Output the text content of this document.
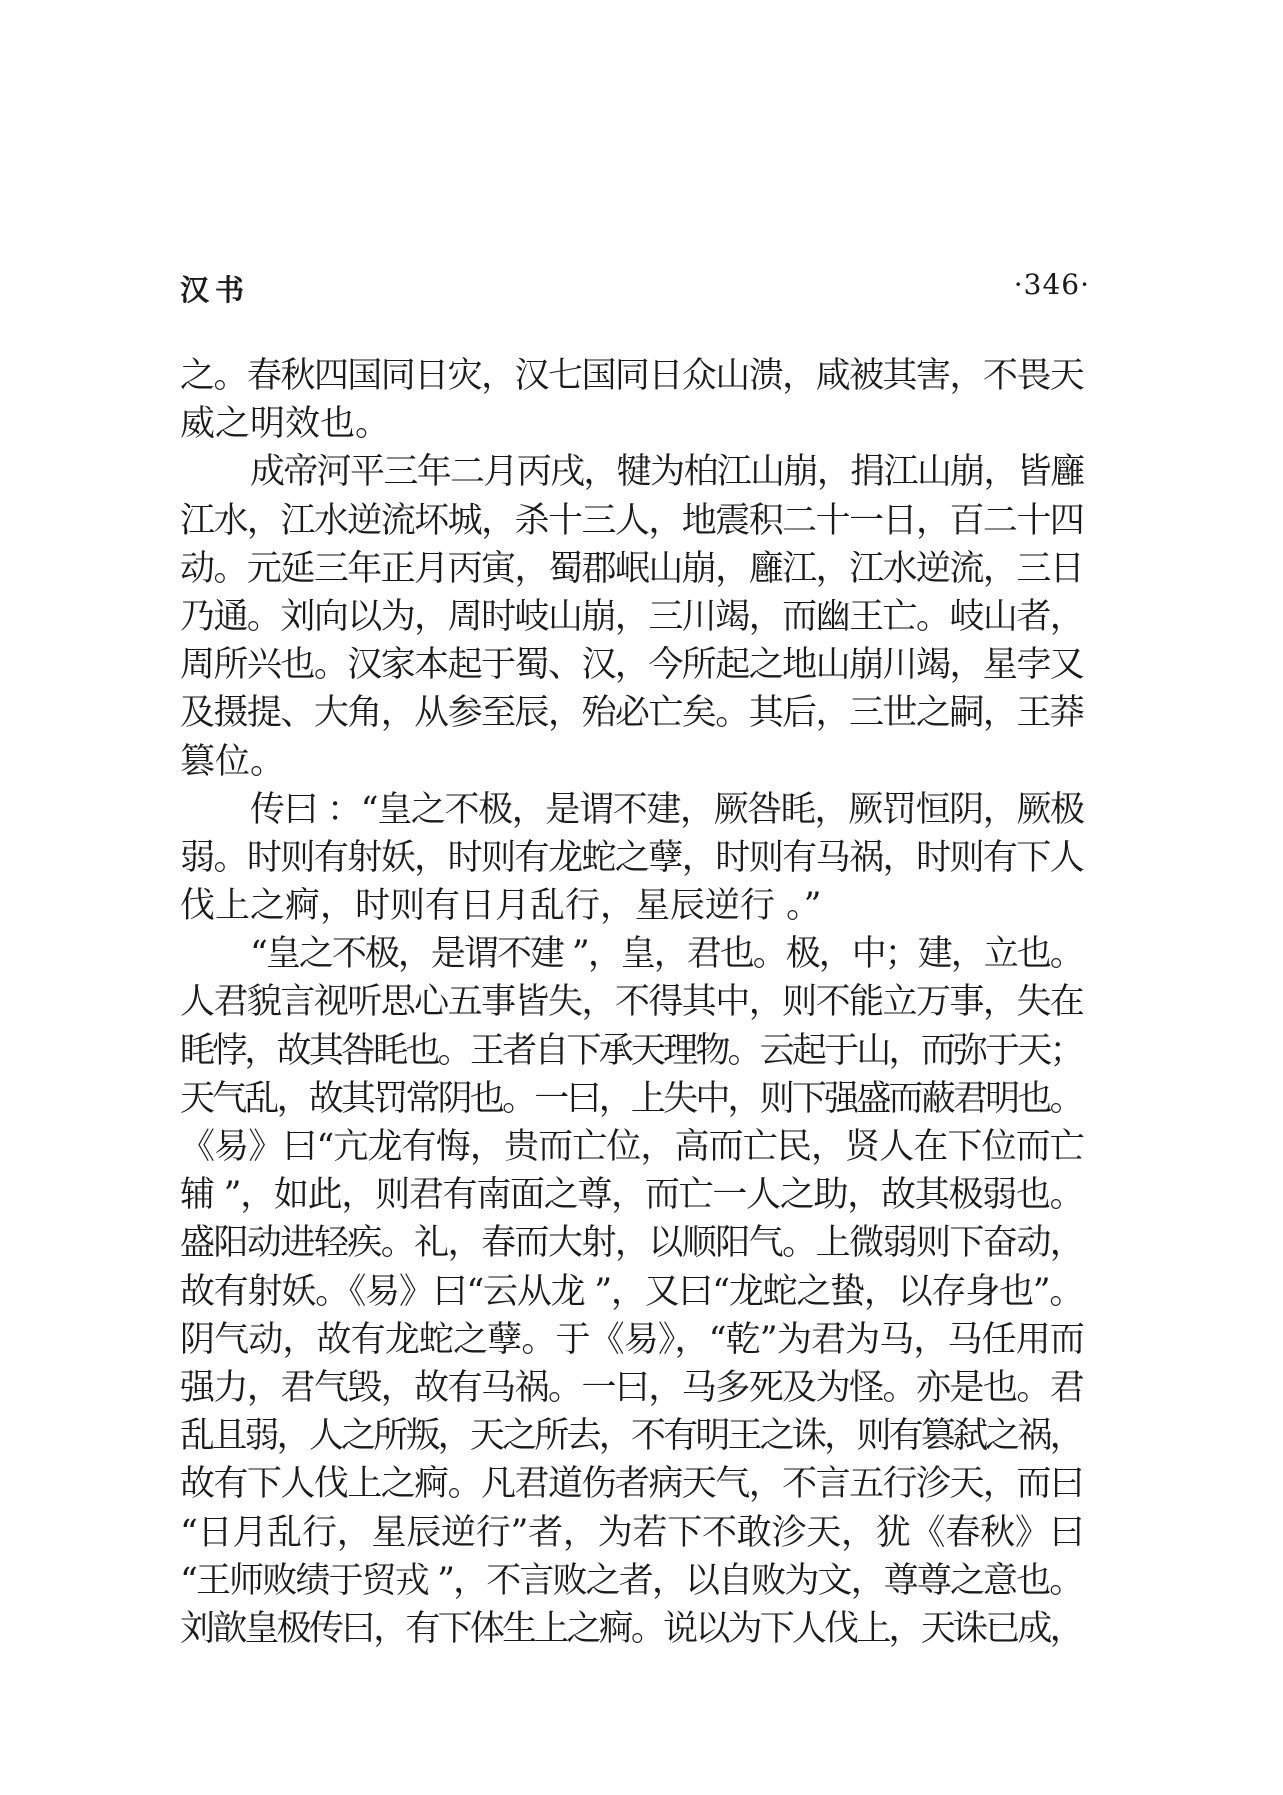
汉书	·346·
之。春秋四国同日灾，汉七国同日众山溃，咸被其害，不畏天
威之明效也。
成帝河平三年二月丙戌，犍为柏江山崩，捐江山崩，皆廱
江水，江水逆流坏城，杀十三人，地震积二十一日，百二十四
动。元延三年正月丙寅，蜀郡岷山崩，廱江，江水逆流，三日
乃通。刘向以为，周时岐山崩，三川竭，而幽王亡。岐山者，
周所兴也。汉家本起于蜀、汉，今所起之地山崩川竭，星孛又
及摄提、大角，从参至辰，殆必亡矣。其后，三世之嗣，王莽
篡位。
传曰 ：“皇之不极，是谓不建，厥咎眊，厥罚恒阴，厥极
弱。时则有射妖，时则有龙蛇之孽，时则有马祸，时则有下人
伐上之痾，时则有日月乱行，星辰逆行 。”
“皇之不极，是谓不建 ”，皇，君也。极，中；建，立也。
人君貌言视听思心五事皆失，不得其中，则不能立万事，失在
眊悖，故其咎眊也。王者自下承天理物。云起于山，而弥于天；
天气乱，故其罚常阴也。一曰，上失中，则下强盛而蔽君明也。
《易》曰“亢龙有悔，贵而亡位，高而亡民，贤人在下位而亡
辅 ”，如此，则君有南面之尊，而亡一人之助，故其极弱也。
盛阳动进轻疾。礼，春而大射，以顺阳气。上微弱则下奋动，
故有射妖。《易》曰“云从龙 ”，又曰“龙蛇之蛰，以存身也”。
阴气动，故有龙蛇之孽。于《易》，“乾”为君为马，马任用而
强力，君气毁，故有马祸。一曰，马多死及为怪。亦是也。君
乱且弱，人之所叛，天之所去，不有明王之诛，则有篡弑之祸，
故有下人伐上之痾。凡君道伤者病天气，不言五行沴天，而曰
“日月乱行，星辰逆行”者，为若下不敢沴天，犹《春秋》曰
“王师败绩于贸戎 ”，不言败之者，以自败为文，尊尊之意也。
刘歆皇极传曰，有下体生上之痾。说以为下人伐上，天诛已成，
